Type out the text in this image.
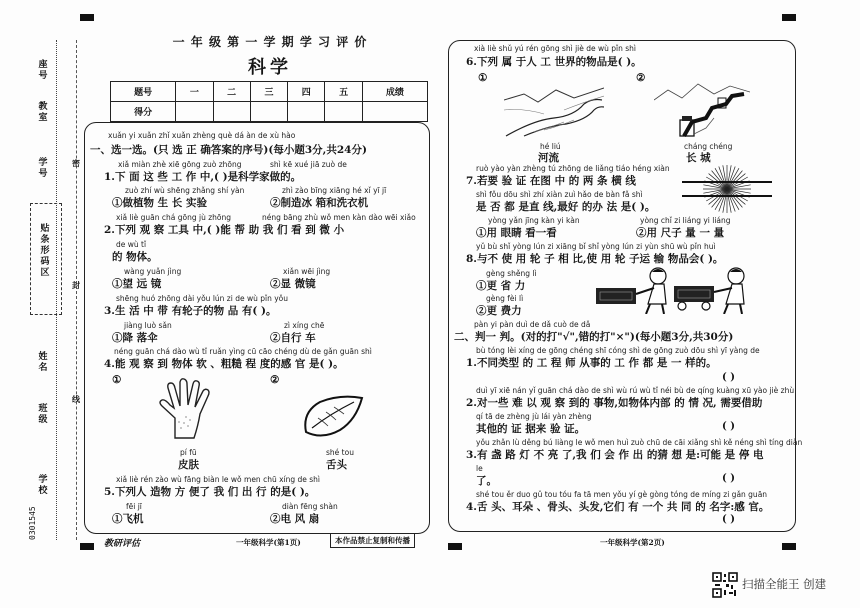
座号
教室
学号
贴条形码区
姓名
班级
学校
密
封
线
0301545
一 年 级 第 一 学 期 学 习 评 价
科学
题号	一	二	三	四	五	成绩
得分						
xuǎn yi xuǎn zhǐ xuǎn zhèng què dá àn de xù hào
一、选一选。(只 选 正 确答案的序号)(每小题3分,共24分)
xiǎ miàn zhè xiē gōng zuò zhōng	shì kē xué jiā zuò de
1.下 面 这 些 工 作 中,( )是科学家做的。
zuò zhí wù shēng zhǎng shí yàn	zhì zào bīng xiāng hé xǐ yī jī
①做植物 生 长 实验	②制造冰 箱和洗衣机
xiǎ liè guān chá gōng jù zhōng	néng bāng zhù wǒ men kàn dào wēi xiǎo
2.下列 观 察 工具 中,( )能 帮 助 我 们 看 到 微 小
de wù tǐ
的 物体。
wàng yuǎn jìng	xiǎn wēi jìng
①望 远 镜	②显 微镜
shēng huó zhōng dài yǒu lún zi de wù pǐn yǒu
3.生 活 中 带 有轮子的物 品 有( )。
jiàng luò sǎn	zì xíng chē
①降 落伞	②自行 车
néng guān chá dào wù tǐ ruǎn yìng cū cāo chéng dù de gǎn guān shì
4.能 观 察 到 物体 软 、粗糙 程 度的感 官 是( )。
①	②
pí fū
皮肤
shé tou
舌头
xiǎ liè rén zào wù fāng biàn le wǒ men chū xíng de shì
5.下列人 造物 方 便了 我 们 出 行 的是( )。
fēi jī	diàn fēng shàn
①飞机	②电 风 扇
xià liè shǔ yú rén gōng shì jiè de wù pǐn shì
6.下列 属 于人 工 世界的物品是( )。
①	②
hé liú
河流
cháng chéng
长 城
ruò yào yàn zhèng tú zhōng de liǎng tiáo héng xiàn
7.若要 验 证 在图 中 的 两 条 横 线
shì fǒu dōu shì zhí xiàn zuì hǎo de bàn fǎ shì
是 否 都 是直 线,最好 的办 法 是( )。
yòng yǎn jīng kàn yi kàn	yòng chǐ zi liáng yi liáng
①用 眼睛 看一看	②用 尺子 量 一 量
yǔ bù shǐ yòng lún zi xiāng bǐ shǐ yòng lún zi yùn shū wù pǐn huì
8.与不 使 用 轮 子 相 比,使 用 轮 子运 输 物品会( )。
gèng shěng lì
①更 省 力
gèng fèi lì
②更 费力
pàn yi pàn duì de dǎ cuò de dǎ
二、判一 判。(对的打"√",错的打"×")(每小题3分,共30分)
bù tóng lèi xíng de gōng chéng shī cóng shì de gōng zuò dōu shì yī yàng de
1.不同类型 的 工 程 师 从事的 工 作 都 是 一 样的。
( )
duì yī xiē nán yǐ guān chá dào de shì wù rú wù tǐ néi bù de qíng kuàng xū yào jiè zhù
2.对一些 难 以 观 察 到的 事物,如物体内部 的 情 况, 需要借助
qí tā de zhèng jù lái yàn zhèng
其他的 证 据来 验 证。	( )
yǒu zhǎn lù děng bú liàng le wǒ men huì zuò chū de cāi xiǎng shì kě néng shì tíng diàn
3.有 盏 路 灯 不 亮 了,我 们 会 作 出 的猜 想 是:可能 是 停 电
le
了。	( )
shé tou ěr duo gǔ tou tóu fa tā men yǒu yí gè gòng tóng de míng zi gǎn guān
4.舌 头、耳朵 、骨头、头发,它们 有 一个 共 同 的 名字:感 官。
( )
教研评估	一年级科学(第1页)	本作品禁止复制和传播	一年级科学(第2页)
扫描全能王 创建
